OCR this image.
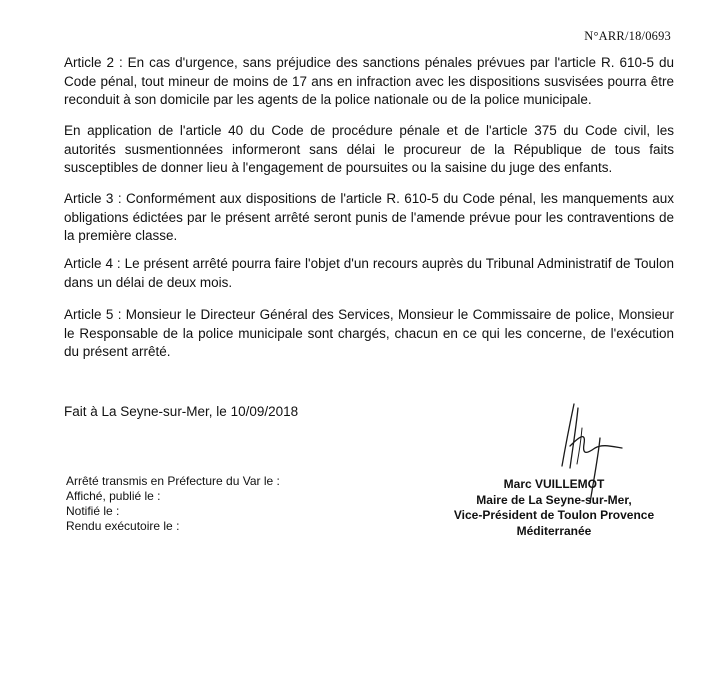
N°ARR/18/0693

Article 2 : En cas d'urgence, sans préjudice des sanctions pénales prévues par l'article R. 610-5 du Code pénal, tout mineur de moins de 17 ans en infraction avec les dispositions susvisées pourra être reconduit à son domicile par les agents de la police nationale ou de la police municipale.

En application de l'article 40 du Code de procédure pénale et de l'article 375 du Code civil, les autorités susmentionnées informeront sans délai le procureur de la République de tous faits susceptibles de donner lieu à l'engagement de poursuites ou la saisine du juge des enfants.

Article 3 : Conformément aux dispositions de l'article R. 610-5 du Code pénal, les manquements aux obligations édictées par le présent arrêté seront punis de l'amende prévue pour les contraventions de la première classe.

Article 4 : Le présent arrêté pourra faire l'objet d'un recours auprès du Tribunal Administratif de Toulon dans un délai de deux mois.

Article 5 : Monsieur le Directeur Général des Services, Monsieur le Commissaire de police, Monsieur le Responsable de la police municipale sont chargés, chacun en ce qui les concerne, de l'exécution du présent arrêté.

Fait à La Seyne-sur-Mer, le 10/09/2018
Arrêté transmis en Préfecture du Var le :
Affiché, publié le :
Notifié le :
Rendu exécutoire le :
Marc VUILLEMOT
Maire de La Seyne-sur-Mer,
Vice-Président de Toulon Provence
Méditerranée
